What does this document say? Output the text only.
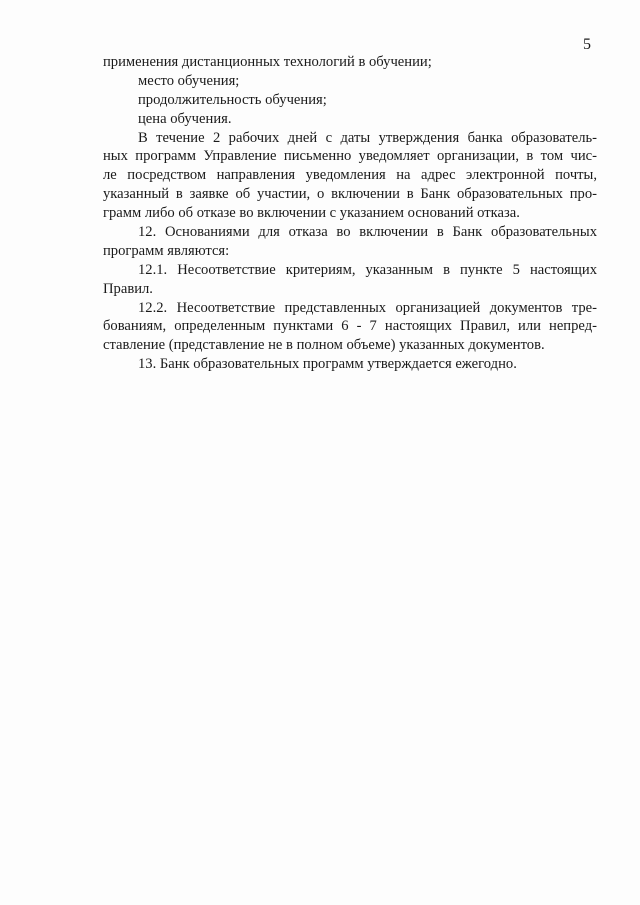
5
применения дистанционных технологий в обучении;
место обучения;
продолжительность обучения;
цена обучения.
В течение 2 рабочих дней с даты утверждения банка образователь-
ных программ Управление письменно уведомляет организации, в том чис-
ле посредством направления уведомления на адрес электронной почты,
указанный в заявке об участии, о включении в Банк образовательных про-
грамм либо об отказе во включении с указанием оснований отказа.
12. Основаниями для отказа во включении в Банк образовательных
программ являются:
12.1. Несоответствие критериям, указанным в пункте 5 настоящих
Правил.
12.2. Несоответствие представленных организацией документов тре-
бованиям, определенным пунктами 6 - 7 настоящих Правил, или непред-
ставление (представление не в полном объеме) указанных документов.
13. Банк образовательных программ утверждается ежегодно.
